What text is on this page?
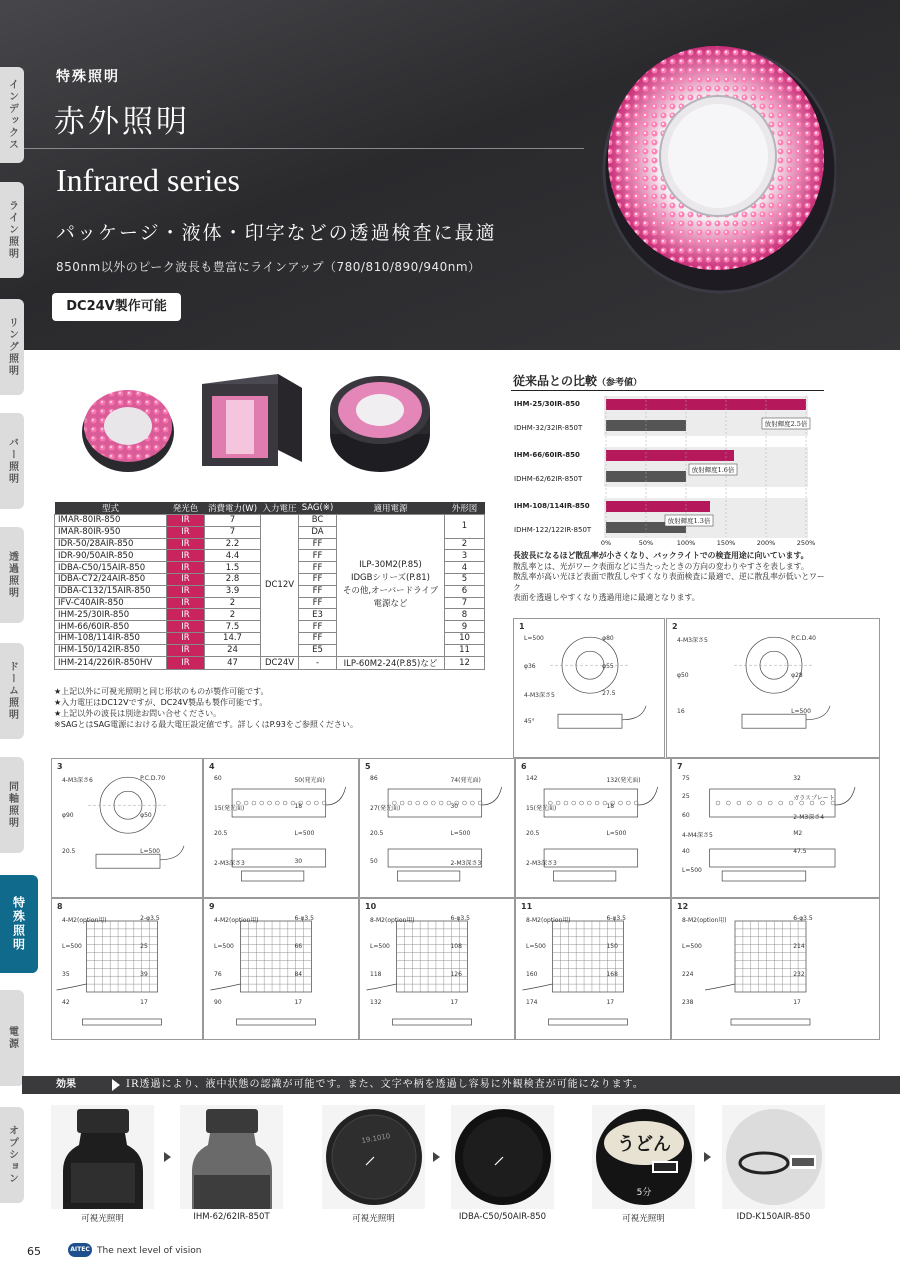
特殊照明
赤外照明
Infrared series
パッケージ・液体・印字などの透過検査に最適
850nm以外のピーク波長も豊富にラインアップ（780/810/890/940nm）
DC24V製作可能
インデックス
ライン照明
リング照明
バー照明
透過照明
ドーム照明
同軸照明
特殊照明
電源
オプション
型式	発光色	消費電力(W)	入力電圧	SAG(※)	適用電源	外形図
IMAR-80IR-850	IR	7	DC12V	BC	ILP-30M2(P.85)
IDGBシリーズ(P.81)
その他,オーバードライブ
電源など	1
IMAR-80IR-950	IR	7		DA		
IDR-50/28AIR-850	IR	2.2		FF		2
IDR-90/50AIR-850	IR	4.4		FF		3
IDBA-C50/15AIR-850	IR	1.5		FF		4
IDBA-C72/24AIR-850	IR	2.8		FF		5
IDBA-C132/15AIR-850	IR	3.9		FF		6
IFV-C40AIR-850	IR	2		FF		7
IHM-25/30IR-850	IR	2		E3		8
IHM-66/60IR-850	IR	7.5		FF		9
IHM-108/114IR-850	IR	14.7		FF		10
IHM-150/142IR-850	IR	24		E5		11
IHM-214/226IR-850HV	IR	47	DC24V	-	ILP-60M2-24(P.85)など	12
★上記以外に可視光照明と同じ形状のものが製作可能です。
★入力電圧はDC12Vですが、DC24V製品も製作可能です。
★上記以外の波長は別途お問い合せください。
※SAGとはSAG電源における最大電圧設定値です。詳しくはP.93をご参照ください。
従来品との比較（参考値）
IHM-25/30IR-850
IDHM-32/32IR-850T	放射輝度2.5倍
IHM-66/60IR-850
IDHM-62/62IR-850T
放射輝度1.6倍
IHM-108/114IR-850
IDHM-122/122IR-850T
放射輝度1.3倍
0%	50%	100%	150%	200%	250%
長波長になるほど散乱率が小さくなり、バックライトでの検査用途に向いています。
散乱率とは、光がワーク表面などに当たったときの方向の変わりやすさを表します。
散乱率が高い光ほど表面で散乱しやすくなり表面検査に最適で、逆に散乱率が低いとワーク
表面を透過しやすくなり透過用途に最適となります。
1
L=500	φ80
φ36	φ55
4-M3深さ5	27.5
45°
2
4-M3深さ5	P.C.D.40
φ50	φ28
16	L=500
3
4-M3深さ6	P.C.D.70
φ90	φ50
20.5	L=500
4
60	50(発光面)
15(発光面)	18
20.5	L=500
2-M3深さ3	30
5
86	74(発光面)
27(発光面)	30
20.5	L=500
50	2-M3深さ3
6
142	132(発光面)
15(発光面)	18
20.5	L=500
2-M3深さ3
7
75	32
25	ガラスプレート
60	2-M3深さ4
4-M4深さ5	M2
40	47.5
L=500
8
4-M2(option用)	2-φ3.5
L=500	25
35	39
42	17
9
4-M2(option用)	6-φ3.5
L=500	66
76	84
90	17
10
8-M2(option用)	6-φ3.5
L=500	108
118	126
132	17
11
8-M2(option用)	6-φ3.5
L=500	150
160	168
174	17
12
8-M2(option用)	6-φ3.5
L=500	214
224	232
238	17
効果	IR透過により、液中状態の認識が可能です。また、文字や柄を透過し容易に外観検査が可能になります。
19.1010	うどん
5分
可視光照明	IHM-62/62IR-850T	可視光照明	IDBA-C50/50AIR-850	可視光照明	IDD-K150AIR-850
65	AITEC The next level of vision
